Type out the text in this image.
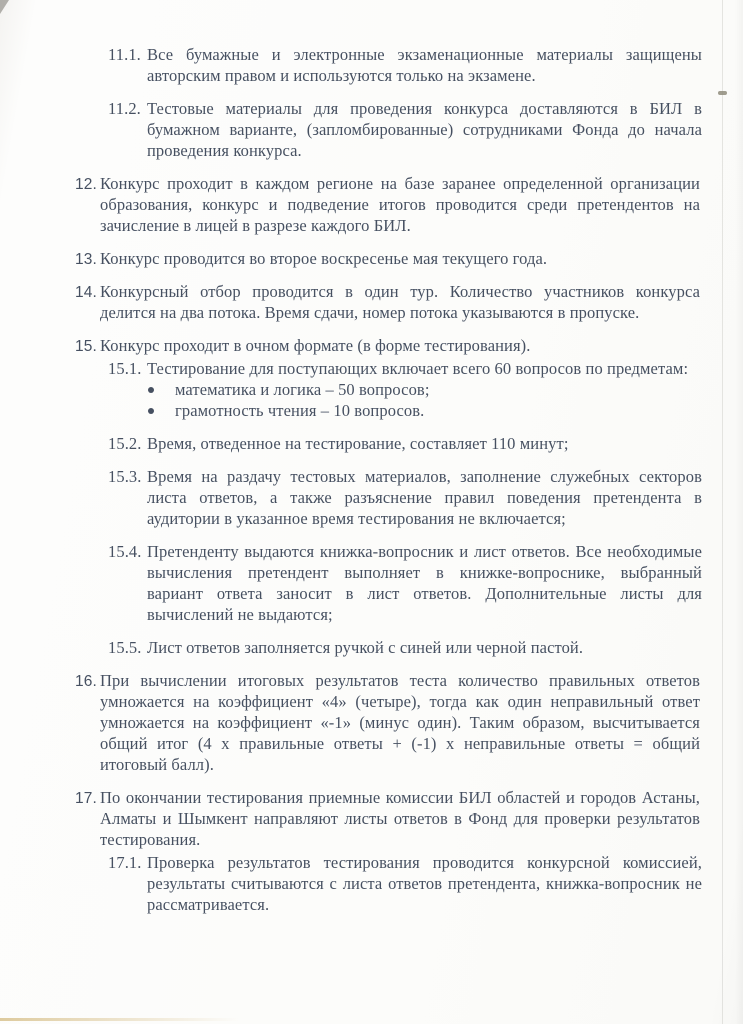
11.1. Все бумажные и электронные экзаменационные материалы защищены авторским правом и используются только на экзамене.
11.2. Тестовые материалы для проведения конкурса доставляются в БИЛ в бумажном варианте, (запломбированные) сотрудниками Фонда до начала проведения конкурса.
12. Конкурс проходит в каждом регионе на базе заранее определенной организации образования, конкурс и подведение итогов проводится среди претендентов на зачисление в лицей в разрезе каждого БИЛ.
13. Конкурс проводится во второе воскресенье мая текущего года.
14. Конкурсный отбор проводится в один тур. Количество участников конкурса делится на два потока. Время сдачи, номер потока указываются в пропуске.
15. Конкурс проходит в очном формате (в форме тестирования).
15.1. Тестирование для поступающих включает всего 60 вопросов по предметам:
математика и логика – 50 вопросов;
грамотность чтения – 10 вопросов.
15.2. Время, отведенное на тестирование, составляет 110 минут;
15.3. Время на раздачу тестовых материалов, заполнение служебных секторов листа ответов, а также разъяснение правил поведения претендента в аудитории в указанное время тестирования не включается;
15.4. Претенденту выдаются книжка-вопросник и лист ответов. Все необходимые вычисления претендент выполняет в книжке-вопроснике, выбранный вариант ответа заносит в лист ответов. Дополнительные листы для вычислений не выдаются;
15.5. Лист ответов заполняется ручкой с синей или черной пастой.
16. При вычислении итоговых результатов теста количество правильных ответов умножается на коэффициент «4» (четыре), тогда как один неправильный ответ умножается на коэффициент «-1» (минус один). Таким образом, высчитывается общий итог (4 х правильные ответы + (-1) х неправильные ответы = общий итоговый балл).
17. По окончании тестирования приемные комиссии БИЛ областей и городов Астаны, Алматы и Шымкент направляют листы ответов в Фонд для проверки результатов тестирования.
17.1. Проверка результатов тестирования проводится конкурсной комиссией, результаты считываются с листа ответов претендента, книжка-вопросник не рассматривается.
